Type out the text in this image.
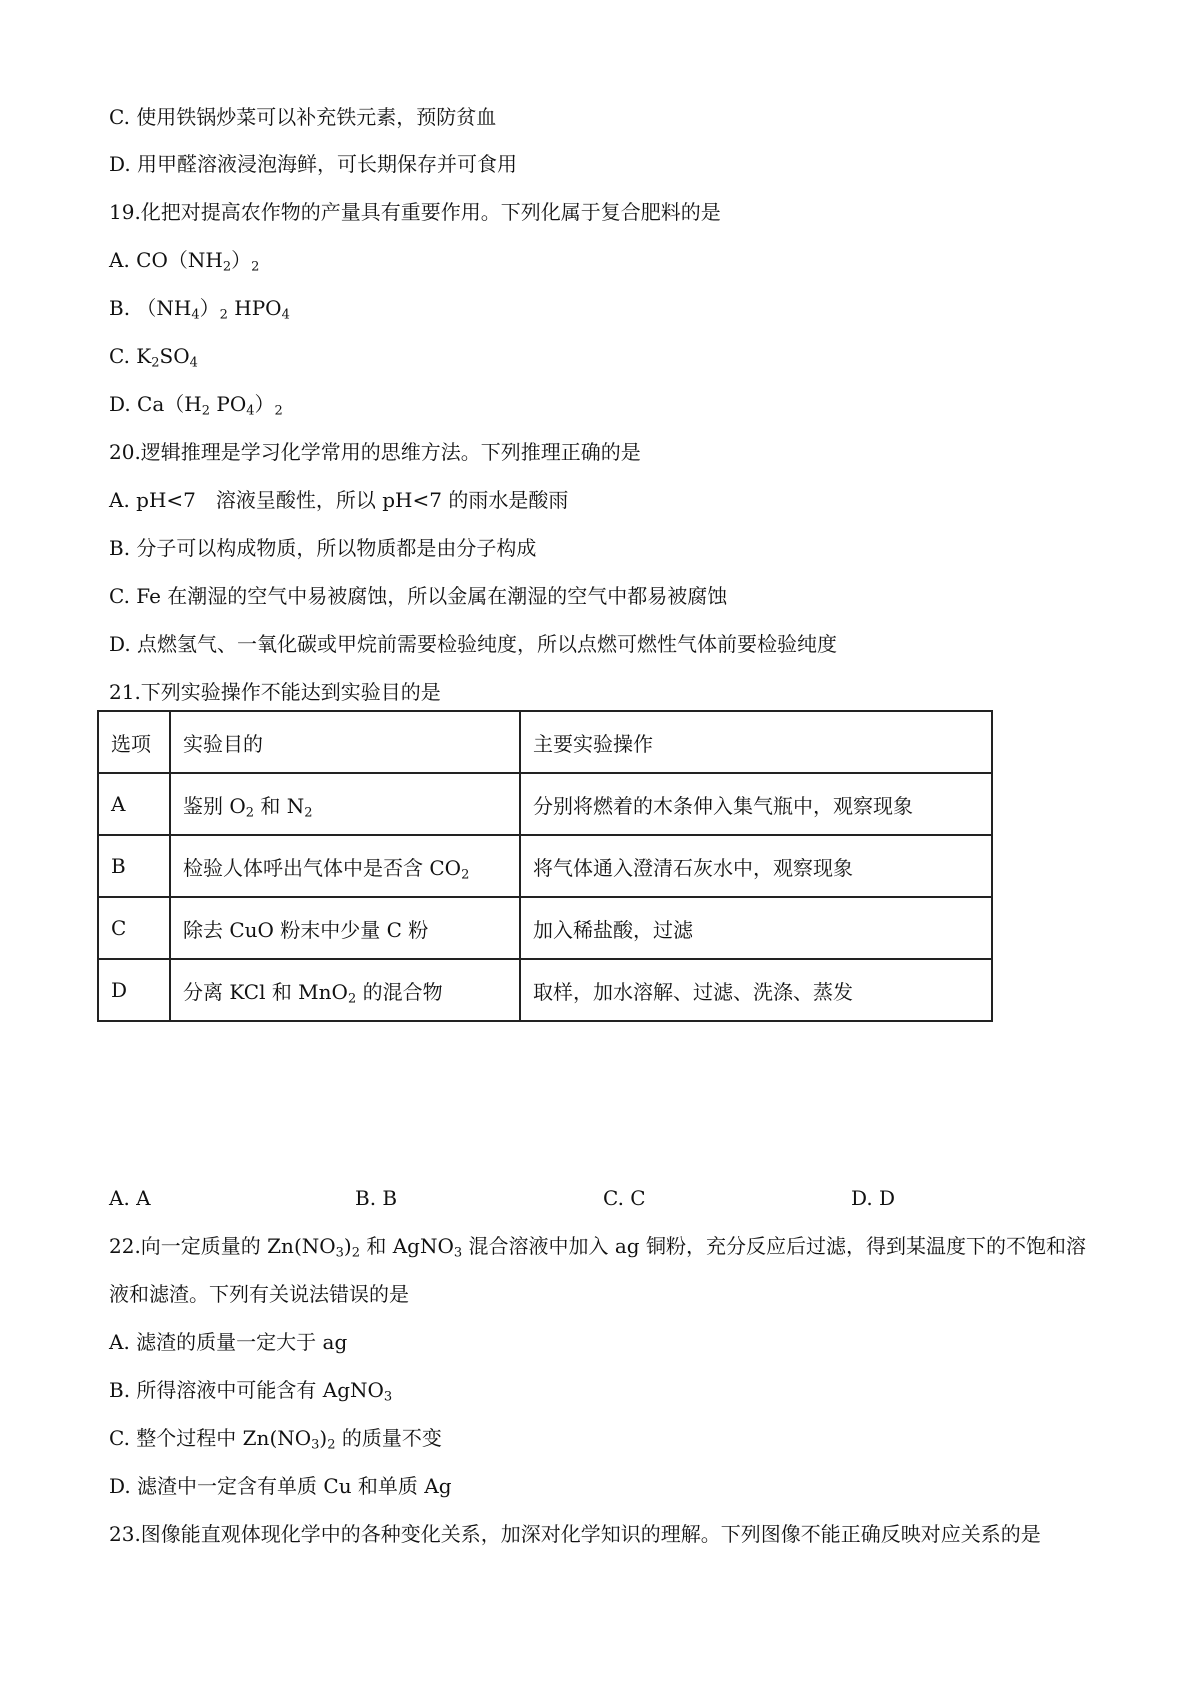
C. 使用铁锅炒菜可以补充铁元素，预防贫血
D. 用甲醛溶液浸泡海鲜，可长期保存并可食用
19.化把对提高农作物的产量具有重要作用。下列化属于复合肥料的是
A. $CO(NH_2)_2$
B. $(NH_4)_2$ $HPO_4$
C. $K_2SO_4$
D. $Ca(H_2$ $PO_4)_2$
20.逻辑推理是学习化学常用的思维方法。下列推理正确的是
A. pH<7　溶液呈酸性，所以 pH<7 的雨水是酸雨
B. 分子可以构成物质，所以物质都是由分子构成
C. Fe 在潮湿的空气中易被腐蚀，所以金属在潮湿的空气中都易被腐蚀
D. 点燃氢气、一氧化碳或甲烷前需要检验纯度，所以点燃可燃性气体前要检验纯度
21.下列实验操作不能达到实验目的是
选项	实验目的	主要实验操作
A	鉴别 $O_2$ 和 $N_2$	分别将燃着的木条伸入集气瓶中，观察现象
B	检验人体呼出气体中是否含 $CO_2$	将气体通入澄清石灰水中，观察现象
C	除去 CuO 粉末中少量 C 粉	加入稀盐酸，过滤
D	分离 KCl 和 MnO$_2$ 的混合物	取样，加水溶解、过滤、洗涤、蒸发
A. A	B. B	C. C	D. D
22.向一定质量的 $Zn(NO_3)_2$ 和 AgNO$_3$ 混合溶液中加入 ag 铜粉，充分反应后过滤，得到某温度下的不饱和溶
液和滤渣。下列有关说法错误的是
A. 滤渣的质量一定大于 ag
B. 所得溶液中可能含有 AgNO$_3$
C. 整个过程中 $Zn(NO_3)_2$ 的质量不变
D. 滤渣中一定含有单质 Cu 和单质 Ag
23.图像能直观体现化学中的各种变化关系，加深对化学知识的理解。下列图像不能正确反映对应关系的是
